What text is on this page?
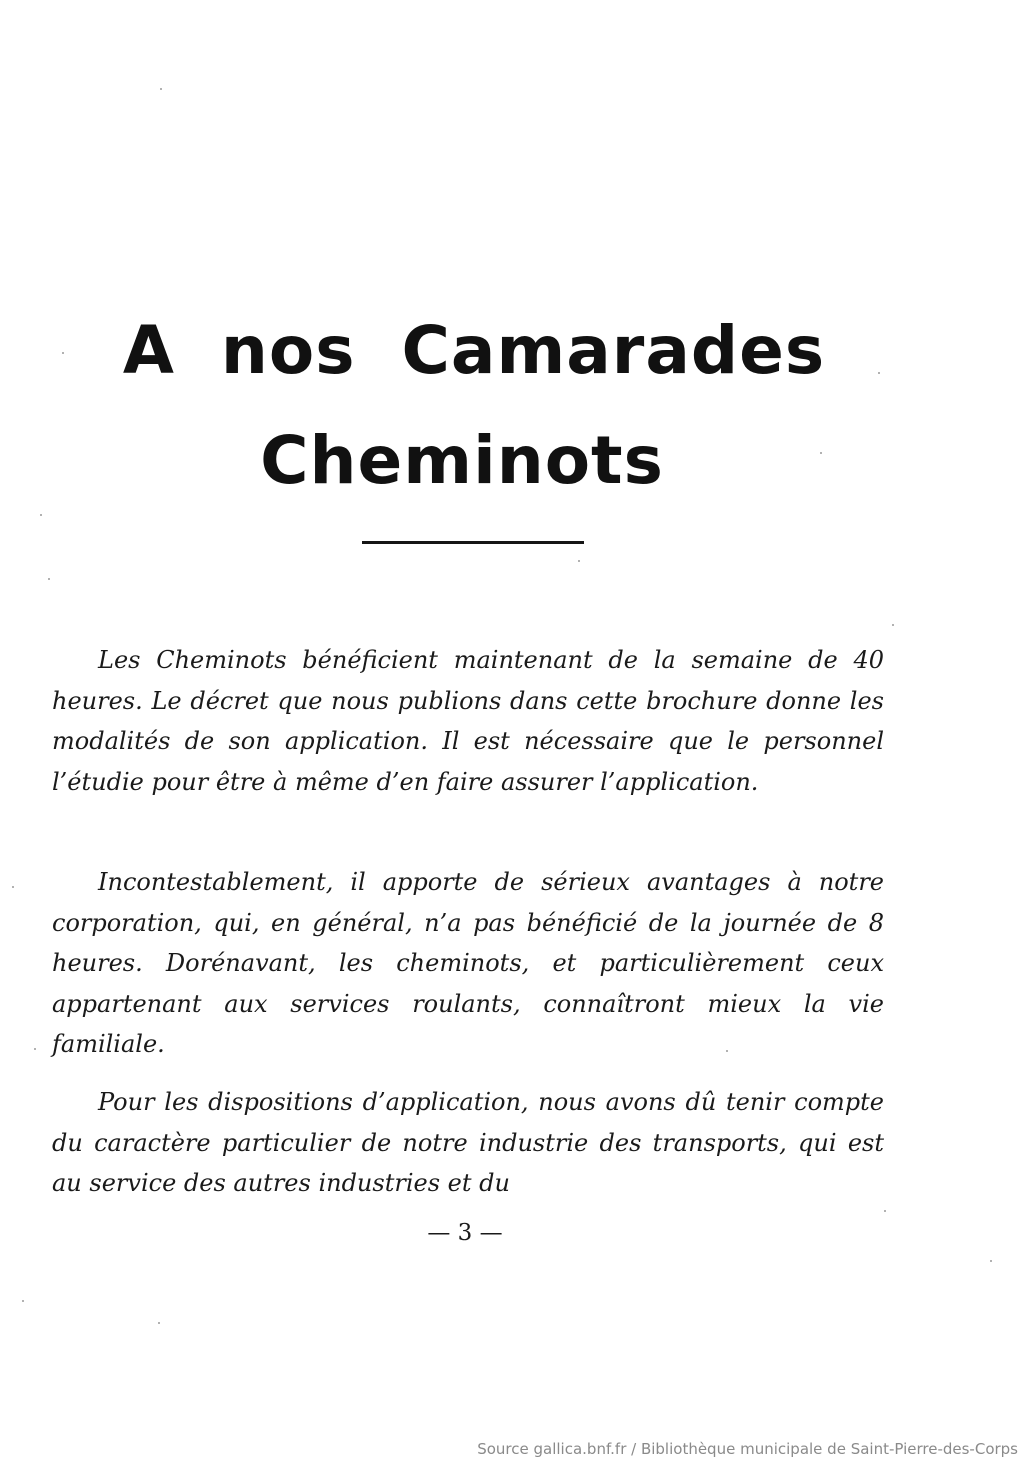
A nos Camarades
Cheminots

Les Cheminots bénéficient maintenant de la semaine de 40 heures. Le décret que nous publions dans cette brochure donne les modalités de son application. Il est nécessaire que le personnel l’étudie pour être à même d’en faire assurer l’application.

Incontestablement, il apporte de sérieux avantages à notre corporation, qui, en général, n’a pas bénéficié de la journée de 8 heures. Dorénavant, les cheminots, et particulièrement ceux appartenant aux services roulants, connaîtront mieux la vie familiale.

Pour les dispositions d’application, nous avons dû tenir compte du caractère particulier de notre industrie des transports, qui est au service des autres industries et du

— 3 —
Source gallica.bnf.fr / Bibliothèque municipale de Saint-Pierre-des-Corps
